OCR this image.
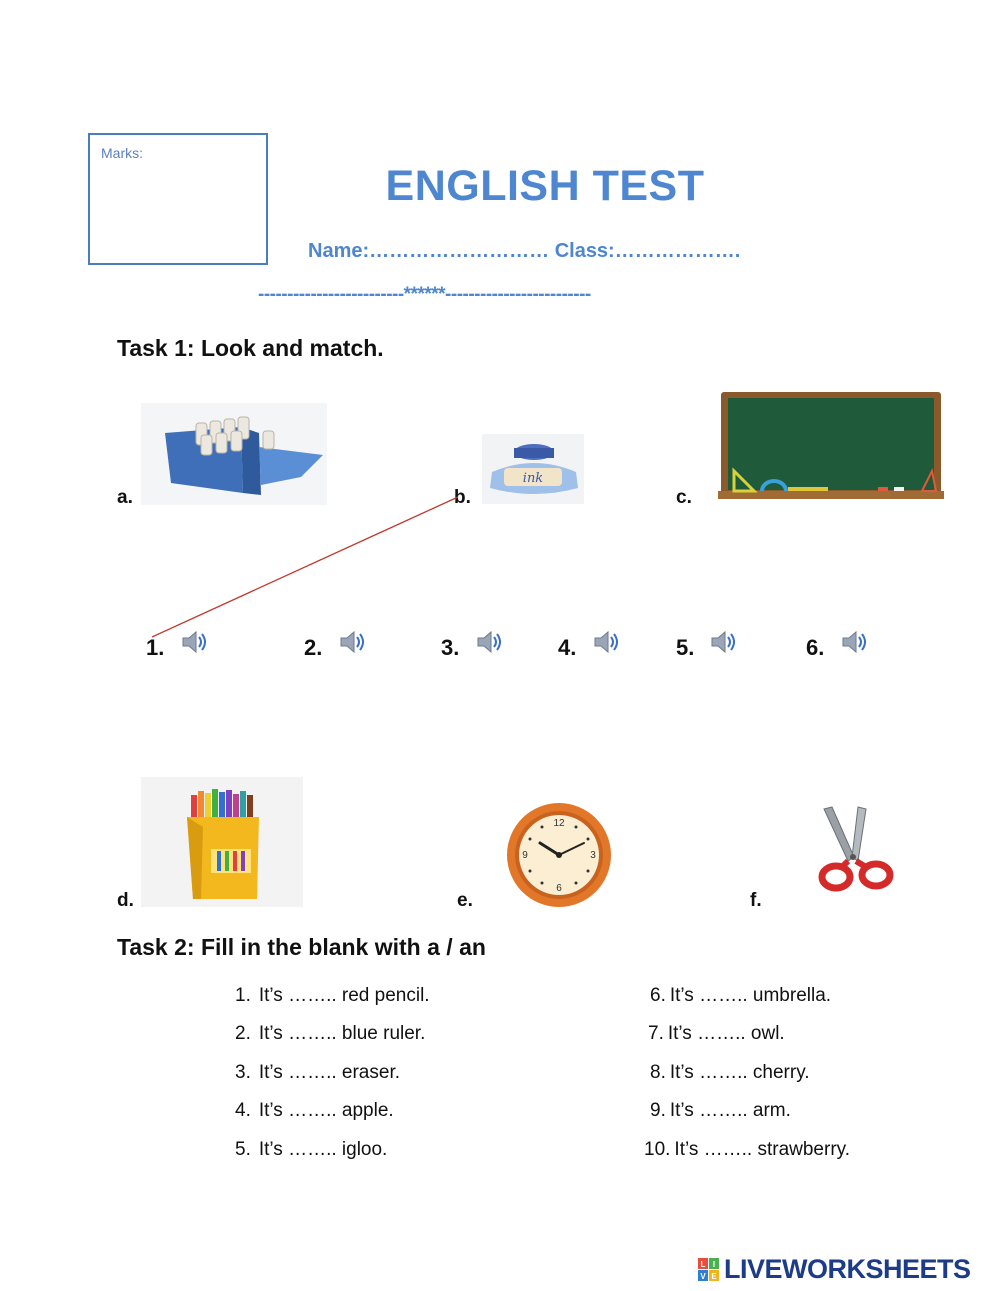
Marks:
ENGLISH TEST
Name:……………………… Class:……………….
-------------------------******-------------------------
Task 1: Look and match.
a.	b.
ink
c.
1.	2.	3.	4.	5.	6.
d.	e.
12
3
6
9
f.
Task 2: Fill in the blank with a / an
1. It’s …….. red pencil.
2. It’s …….. blue ruler.
3. It’s …….. eraser.
4. It’s …….. apple.
5. It’s …….. igloo.
6. It’s …….. umbrella.
7. It’s …….. owl.
8. It’s …….. cherry.
9. It’s …….. arm.
10. It’s …….. strawberry.
L I
V E LIVEWORKSHEETS
